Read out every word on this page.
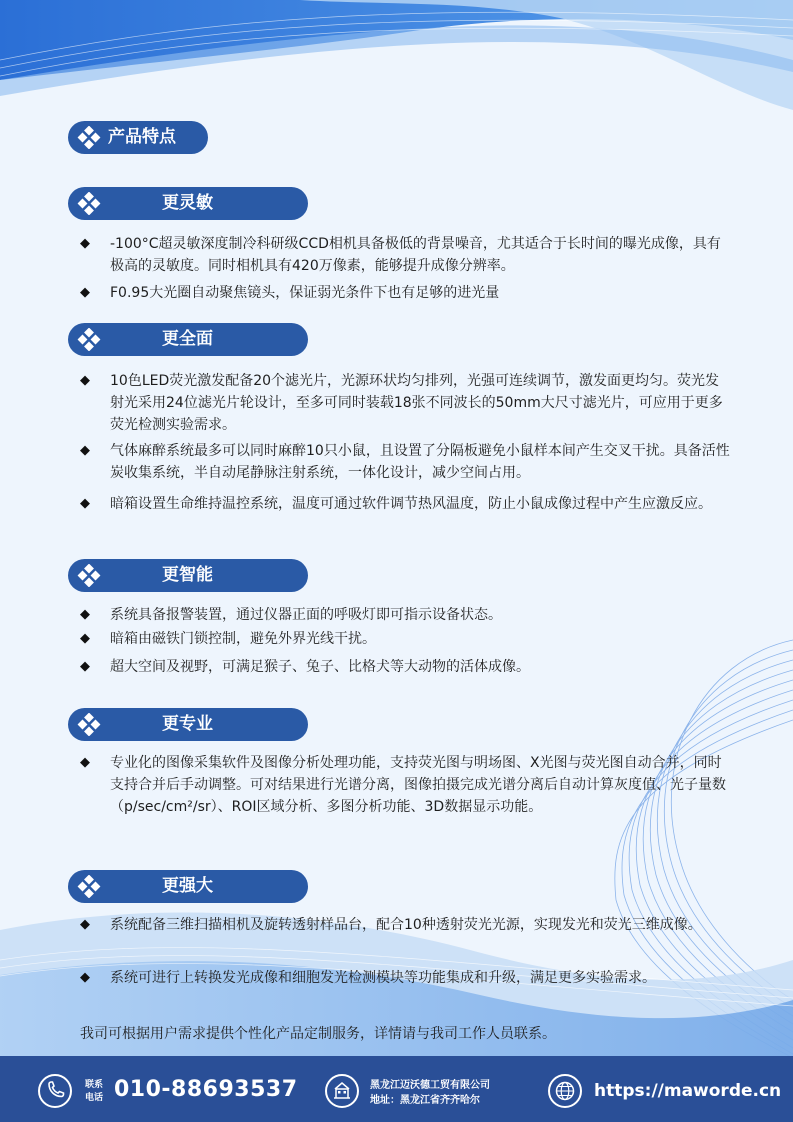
产品特点
更灵敏
◆ -100°C超灵敏深度制冷科研级CCD相机具备极低的背景噪音，尤其适合于长时间的曝光成像，具有极高的灵敏度。同时相机具有420万像素，能够提升成像分辨率。
◆ F0.95大光圈自动聚焦镜头，保证弱光条件下也有足够的进光量
更全面
◆ 10色LED荧光激发配备20个滤光片，光源环状均匀排列，光强可连续调节，激发面更均匀。荧光发射光采用24位滤光片轮设计，至多可同时装载18张不同波长的50mm大尺寸滤光片，可应用于更多荧光检测实验需求。
◆ 气体麻醉系统最多可以同时麻醉10只小鼠，且设置了分隔板避免小鼠样本间产生交叉干扰。具备活性炭收集系统，半自动尾静脉注射系统，一体化设计，减少空间占用。
◆ 暗箱设置生命维持温控系统，温度可通过软件调节热风温度，防止小鼠成像过程中产生应激反应。
更智能
◆ 系统具备报警装置，通过仪器正面的呼吸灯即可指示设备状态。
◆ 暗箱由磁铁门锁控制，避免外界光线干扰。
◆ 超大空间及视野，可满足猴子、兔子、比格犬等大动物的活体成像。
更专业
◆ 专业化的图像采集软件及图像分析处理功能，支持荧光图与明场图、X光图与荧光图自动合并，同时支持合并后手动调整。可对结果进行光谱分离，图像拍摄完成光谱分离后自动计算灰度值、光子量数（p/sec/cm²/sr）、ROI区域分析、多图分析功能、3D数据显示功能。
更强大
◆ 系统配备三维扫描相机及旋转透射样品台，配合10种透射荧光光源，实现发光和荧光三维成像。
◆ 系统可进行上转换发光成像和细胞发光检测模块等功能集成和升级，满足更多实验需求。
我司可根据用户需求提供个性化产品定制服务，详情请与我司工作人员联系。
联系
电话 010-88693537	黑龙江迈沃德工贸有限公司
地址：黑龙江省齐齐哈尔	https://maworde.cn
